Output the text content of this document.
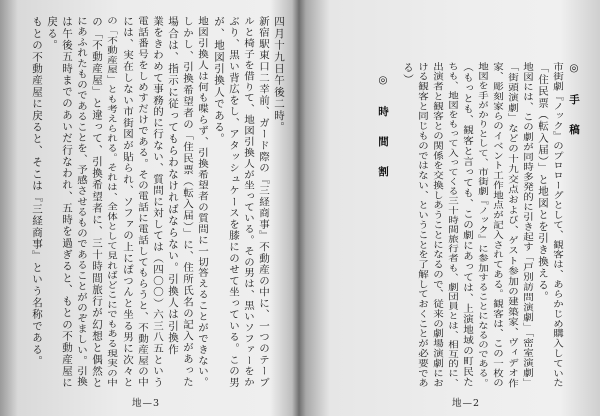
四月十九日午後二時。
新宿駅東口二幸前、ガード際の『三経商事』不動産の中に、一つのテーブ
ルと椅子を借りて、地図引換人が坐っている。その男は、黒いソファーをか
ぶり、黒い背広をし、アタッシュケースを膝にのせて坐っている。この男
が、地図引換人である。
地図引換人は何も喋らず、引換希望者の質問に一切答えることができない。
しかし、引換希望者の「住民票（転入届）」に、住所氏名の記入があった
場合は、指示に従ってもらわなければならない。引換人は引換作
業をきわめて事務的に行ない、質問に対しては（四〇〇）六三八五という
電話番号をしめすだけである。その電話に電話してもらうと、不動産屋の中
には、実在しない市街図が貼られ、ソファの上にぽつんと坐る男に次々と
の「不動産屋」とも考えられる。それは、全体として見ればどこにでもある現実の中
の「不動産屋」と違って、引換希望者に、三十時間旅行が幻想と偶然と
にあふれたものであることを、予感させるものであることがのぞましい。引換
は午後五時までのあいだ行なわれ、五時を過ぎると、もとの不動産屋に
戻る。
もとの不動産屋に戻ると、そこは『三経商事』という名称である。
地—3
◎ 手 稿
市街劇『ノック』のプロローグとして、観客は、あらかじめ購入していた
「住民票（転入届）」と地図とを引き換える。
地図には、この劇が同時多発的に引き起す「戸別訪問演劇」「密室演劇」
「街頭演劇」などの十九交点および、ゲスト参加の建築家、ヴィデオ作
家、彫刻家らのイベント工作地点が記入されてある。観客は、この一枚の
地図を手がかりとして、市街劇『ノック』に参加することになるのである。
（もっとも、観客と言っても、この劇にあっては、上演地域の町民た
ちも、地図をもって入ってくる三十時間旅行者も、劇団員とは、相互的に、
出演者と観客との関係を交換しあうことになるので、従来の劇場演劇にお
ける観客と同じものではない、ということを了解しておくことが必要であ
る）
◎ 時 間 割
地—2
